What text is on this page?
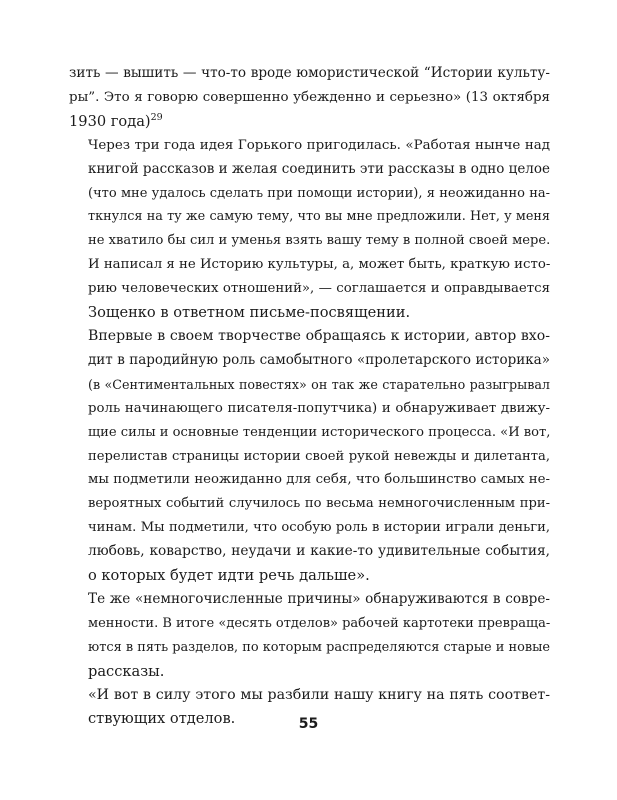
зить — вышить — что-то вроде юмористической “Истории культу-
ры”. Это я говорю совершенно убежденно и серьезно» (13 октября
1930 года)$^{29}$
Через три года идея Горького пригодилась. «Работая нынче над
книгой рассказов и желая соединить эти рассказы в одно целое
(что мне удалось сделать при помощи истории), я неожиданно на-
ткнулся на ту же самую тему, что вы мне предложили. Нет, у меня
не хватило бы сил и уменья взять вашу тему в полной своей мере.
И написал я не Историю культуры, а, может быть, краткую исто-
рию человеческих отношений», — соглашается и оправдывается
Зощенко в ответном письме-посвящении.
Впервые в своем творчестве обращаясь к истории, автор вхо-
дит в пародийную роль самобытного «пролетарского историка»
(в «Сентиментальных повестях» он так же старательно разыгрывал
роль начинающего писателя-попутчика) и обнаруживает движу-
щие силы и основные тенденции исторического процесса. «И вот,
перелистав страницы истории своей рукой невежды и дилетанта,
мы подметили неожиданно для себя, что большинство самых не-
вероятных событий случилось по весьма немногочисленным при-
чинам. Мы подметили, что особую роль в истории играли деньги,
любовь, коварство, неудачи и какие-то удивительные события,
о которых будет идти речь дальше».
Те же «немногочисленные причины» обнаруживаются в совре-
менности. В итоге «десять отделов» рабочей картотеки превраща-
ются в пять разделов, по которым распределяются старые и новые
рассказы.
«И вот в силу этого мы разбили нашу книгу на пять соответ-
ствующих отделов.	55
